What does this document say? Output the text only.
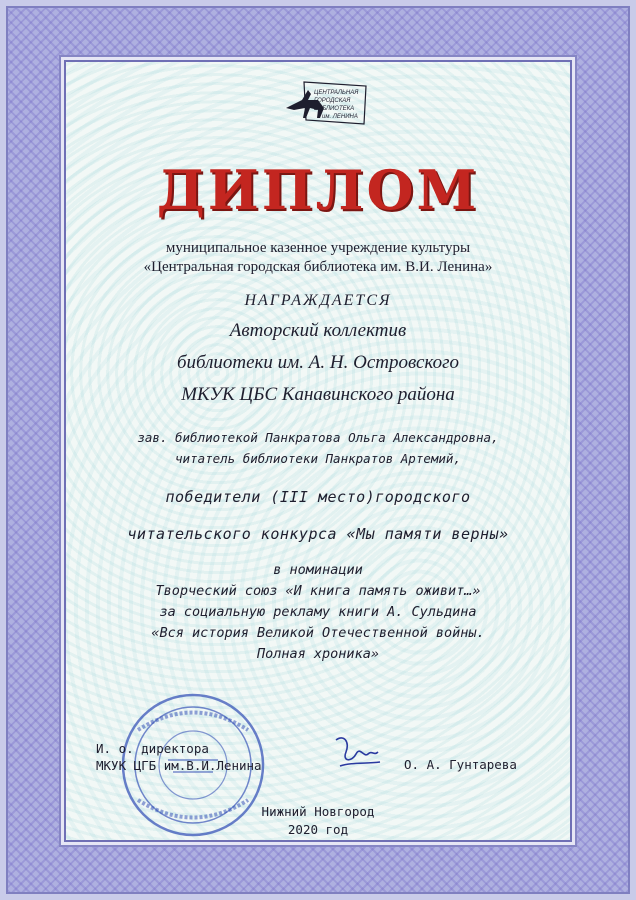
ЦЕНТРАЛЬНАЯ
ГОРОДСКАЯ
БИБЛИОТЕКА
им. ЛЕНИНА
ДИПЛОМ
муниципальное казенное учреждение культуры
«Центральная городская библиотека им. В.И. Ленина»
НАГРАЖДАЕТСЯ
Авторский коллектив
библиотеки им. А. Н. Островского
МКУК ЦБС Канавинского района
зав. библиотекой Панкратова Ольга Александровна,
читатель библиотеки Панкратов Артемий,
победители (III место)городского
читательского конкурса «Мы памяти верны»
в номинации
Творческий союз «И книга память оживит…»
за социальную рекламу книги А. Сульдина
«Вся история Великой Отечественной войны.
Полная хроника»
И. о. директора
МКУК ЦГБ им.В.И.Ленина	О. А. Гунтарева
Нижний Новгород
2020 год
